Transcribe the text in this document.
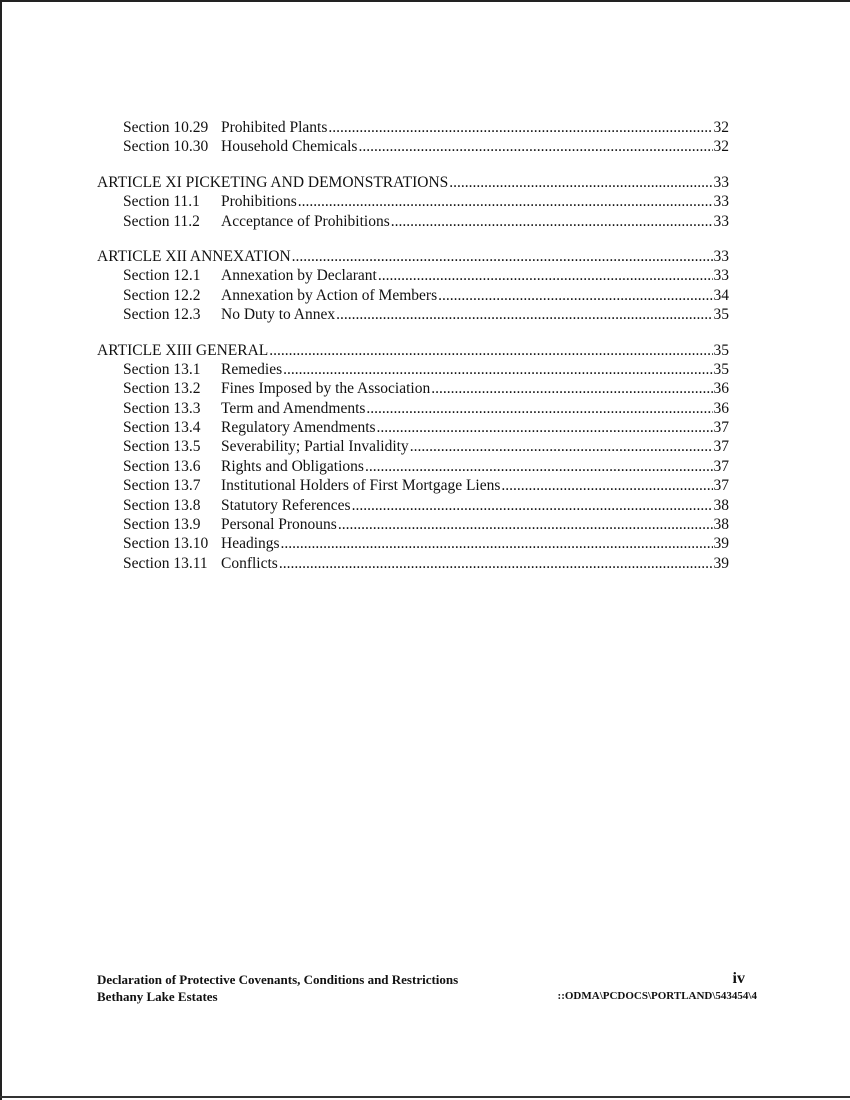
Section 10.29 Prohibited Plants .....	32
Section 10.30 Household Chemicals .....	32
ARTICLE XI PICKETING AND DEMONSTRATIONS .....	33
Section 11.1	Prohibitions .....	33
Section 11.2	Acceptance of Prohibitions .....	33
ARTICLE XII ANNEXATION .....	33
Section 12.1	Annexation by Declarant .....	33
Section 12.2	Annexation by Action of Members .....	34
Section 12.3	No Duty to Annex .....	35
ARTICLE XIII GENERAL .....	35
Section 13.1	Remedies .....	35
Section 13.2	Fines Imposed by the Association .....	36
Section 13.3	Term and Amendments .....	36
Section 13.4	Regulatory Amendments .....	37
Section 13.5	Severability; Partial Invalidity .....	37
Section 13.6	Rights and Obligations .....	37
Section 13.7	Institutional Holders of First Mortgage Liens .....	37
Section 13.8	Statutory References .....	38
Section 13.9	Personal Pronouns .....	38
Section 13.10 Headings .....	39
Section 13.11 Conflicts .....	39
Declaration of Protective Covenants, Conditions and Restrictions
Bethany Lake Estates
iv
::ODMA\PCDOCS\PORTLAND\543454\4
